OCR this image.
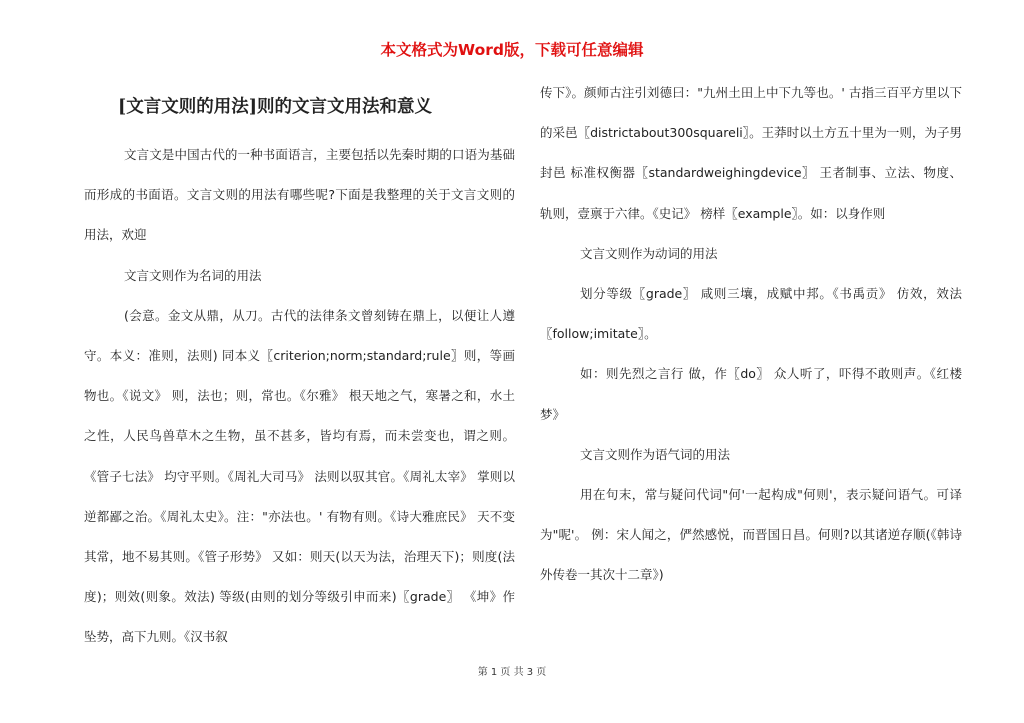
本文格式为Word版，下载可任意编辑
[文言文则的用法]则的文言文用法和意义

文言文是中国古代的一种书面语言，主要包括以先秦时期的口语为基础而形成的书面语。文言文则的用法有哪些呢?下面是我整理的关于文言文则的用法，欢迎

文言文则作为名词的用法

(会意。金文从鼎，从刀。古代的法律条文曾刻铸在鼎上，以便让人遵守。本义：准则，法则) 同本义〖criterion;norm;standard;rule〗则，等画物也。《说文》 则，法也；则，常也。《尔雅》 根天地之气，寒暑之和，水土之性，人民鸟兽草木之生物，虽不甚多，皆均有焉，而未尝变也，谓之则。《管子七法》 均守平则。《周礼大司马》 法则以驭其官。《周礼太宰》 掌则以逆都鄙之治。《周礼太史》。注："亦法也。' 有物有则。《诗大雅庶民》 天不变其常，地不易其则。《管子形势》 又如：则天(以天为法，治理天下)；则度(法度)；则效(则象。效法) 等级(由则的划分等级引申而来)〖grade〗 《坤》作坠势，高下九则。《汉书叙

传下》。颜师古注引刘德曰："九州土田上中下九等也。' 古指三百平方里以下的采邑〖districtabout300squareli〗。王莽时以土方五十里为一则，为子男封邑 标准权衡器〖standardweighingdevice〗 王者制事、立法、物度、轨则，壹禀于六律。《史记》 榜样〖example〗。如：以身作则

文言文则作为动词的用法

划分等级〖grade〗 咸则三壤，成赋中邦。《书禹贡》 仿效，效法〖follow;imitate〗。

如：则先烈之言行 做，作〖do〗 众人听了，吓得不敢则声。《红楼梦》

文言文则作为语气词的用法

用在句末，常与疑问代词"何'一起构成"何则'，表示疑问语气。可译为"呢'。 例：宋人闻之，俨然感悦，而晋国日昌。何则?以其诸逆存顺(《韩诗外传卷一其次十二章》)

第 1 页 共 3 页
